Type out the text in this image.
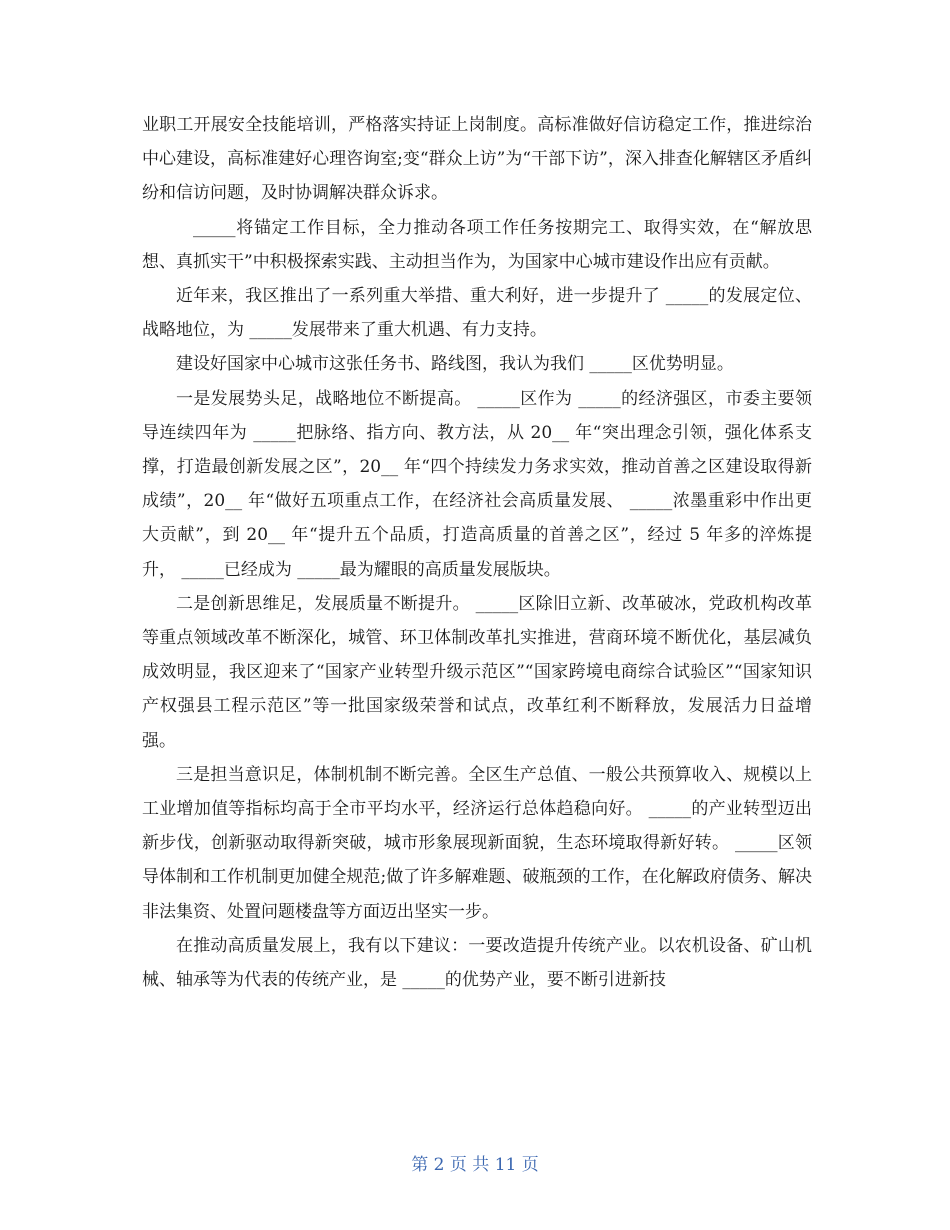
业职工开展安全技能培训，严格落实持证上岗制度。高标准做好信访稳定工作，推进综治中心建设，高标准建好心理咨询室;变“群众上访”为“干部下访”，深入排查化解辖区矛盾纠纷和信访问题，及时协调解决群众诉求。

_____将锚定工作目标，全力推动各项工作任务按期完工、取得实效，在“解放思想、真抓实干”中积极探索实践、主动担当作为，为国家中心城市建设作出应有贡献。

近年来，我区推出了一系列重大举措、重大利好，进一步提升了 _____的发展定位、战略地位，为 _____发展带来了重大机遇、有力支持。

建设好国家中心城市这张任务书、路线图，我认为我们 _____区优势明显。

一是发展势头足，战略地位不断提高。 _____区作为 _____的经济强区，市委主要领导连续四年为 _____把脉络、指方向、教方法，从 20__ 年“突出理念引领，强化体系支撑，打造最创新发展之区”，20__ 年“四个持续发力务求实效，推动首善之区建设取得新成绩”，20__ 年“做好五项重点工作，在经济社会高质量发展、 _____浓墨重彩中作出更大贡献”，到 20__ 年“提升五个品质，打造高质量的首善之区”，经过 5 年多的淬炼提升， _____已经成为 _____最为耀眼的高质量发展版块。

二是创新思维足，发展质量不断提升。 _____区除旧立新、改革破冰，党政机构改革等重点领域改革不断深化，城管、环卫体制改革扎实推进，营商环境不断优化，基层减负成效明显，我区迎来了“国家产业转型升级示范区”“国家跨境电商综合试验区”“国家知识产权强县工程示范区”等一批国家级荣誉和试点，改革红利不断释放，发展活力日益增强。

三是担当意识足，体制机制不断完善。全区生产总值、一般公共预算收入、规模以上工业增加值等指标均高于全市平均水平，经济运行总体趋稳向好。 _____的产业转型迈出新步伐，创新驱动取得新突破，城市形象展现新面貌，生态环境取得新好转。 _____区领导体制和工作机制更加健全规范;做了许多解难题、破瓶颈的工作，在化解政府债务、解决非法集资、处置问题楼盘等方面迈出坚实一步。

在推动高质量发展上，我有以下建议：一要改造提升传统产业。以农机设备、矿山机械、轴承等为代表的传统产业，是 _____的优势产业，要不断引进新技

第 2 页 共 11 页
